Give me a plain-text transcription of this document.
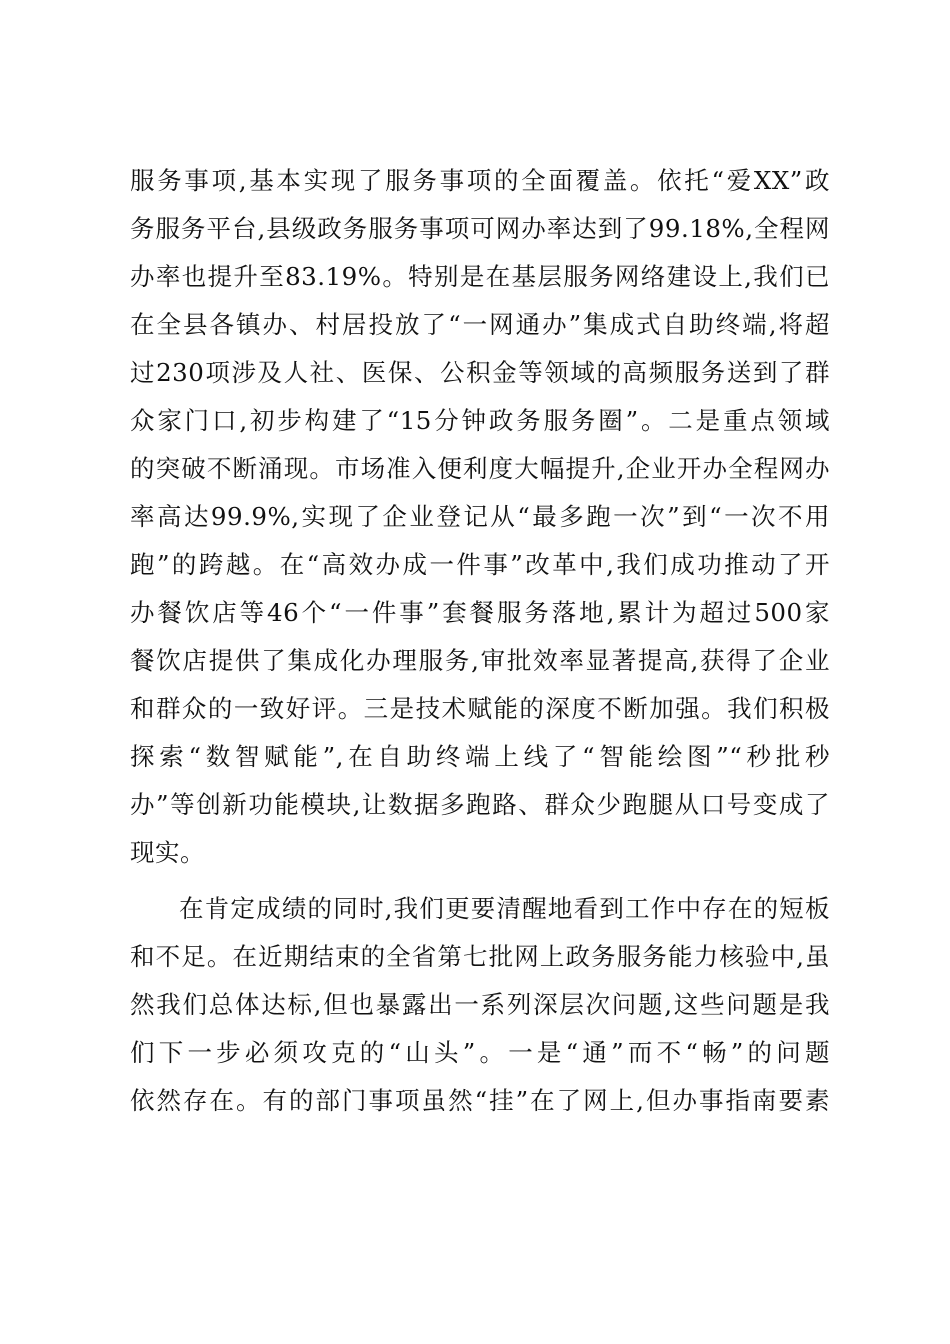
服务事项,基本实现了服务事项的全面覆盖。依托“爱XX”政
务服务平台,县级政务服务事项可网办率达到了99.18%,全程网
办率也提升至83.19%。特别是在基层服务网络建设上,我们已
在全县各镇办、村居投放了“一网通办”集成式自助终端,将超
过230项涉及人社、医保、公积金等领域的高频服务送到了群
众家门口,初步构建了“15分钟政务服务圈”。二是重点领域
的突破不断涌现。市场准入便利度大幅提升,企业开办全程网办
率高达99.9%,实现了企业登记从“最多跑一次”到“一次不用
跑”的跨越。在“高效办成一件事”改革中,我们成功推动了开
办餐饮店等46个“一件事”套餐服务落地,累计为超过500家
餐饮店提供了集成化办理服务,审批效率显著提高,获得了企业
和群众的一致好评。三是技术赋能的深度不断加强。我们积极
探索“数智赋能”,在自助终端上线了“智能绘图”“秒批秒
办”等创新功能模块,让数据多跑路、群众少跑腿从口号变成了
现实。
在肯定成绩的同时,我们更要清醒地看到工作中存在的短板
和不足。在近期结束的全省第七批网上政务服务能力核验中,虽
然我们总体达标,但也暴露出一系列深层次问题,这些问题是我
们下一步必须攻克的“山头”。一是“通”而不“畅”的问题
依然存在。有的部门事项虽然“挂”在了网上,但办事指南要素
